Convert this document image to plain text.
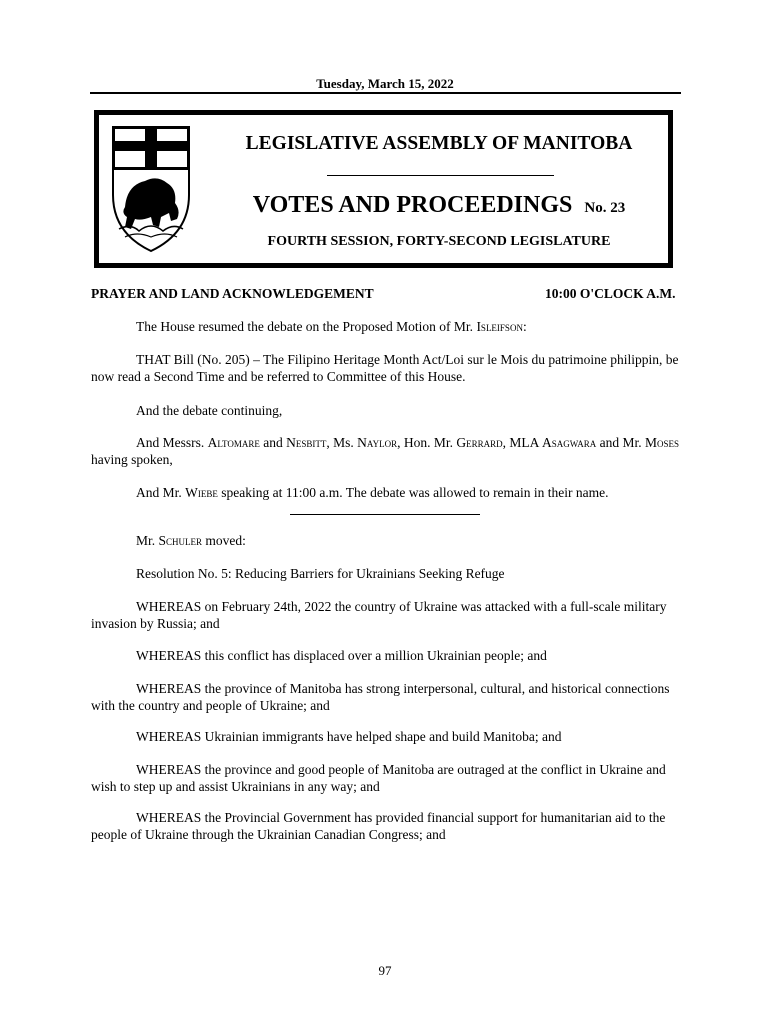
Tuesday, March 15, 2022
LEGISLATIVE ASSEMBLY OF MANITOBA
VOTES AND PROCEEDINGS No. 23
FOURTH SESSION, FORTY-SECOND LEGISLATURE
PRAYER AND LAND ACKNOWLEDGEMENT	10:00 O'CLOCK A.M.
The House resumed the debate on the Proposed Motion of Mr. Isleifson:
THAT Bill (No. 205) – The Filipino Heritage Month Act/Loi sur le Mois du patrimoine philippin, be now read a Second Time and be referred to Committee of this House.
And the debate continuing,
And Messrs. Altomare and Nesbitt, Ms. Naylor, Hon. Mr. Gerrard, MLA Asagwara and Mr. Moses having spoken,
And Mr. Wiebe speaking at 11:00 a.m. The debate was allowed to remain in their name.
Mr. Schuler moved:
Resolution No. 5: Reducing Barriers for Ukrainians Seeking Refuge
WHEREAS on February 24th, 2022 the country of Ukraine was attacked with a full-scale military invasion by Russia; and
WHEREAS this conflict has displaced over a million Ukrainian people; and
WHEREAS the province of Manitoba has strong interpersonal, cultural, and historical connections with the country and people of Ukraine; and
WHEREAS Ukrainian immigrants have helped shape and build Manitoba; and
WHEREAS the province and good people of Manitoba are outraged at the conflict in Ukraine and wish to step up and assist Ukrainians in any way; and
WHEREAS the Provincial Government has provided financial support for humanitarian aid to the people of Ukraine through the Ukrainian Canadian Congress; and
97
